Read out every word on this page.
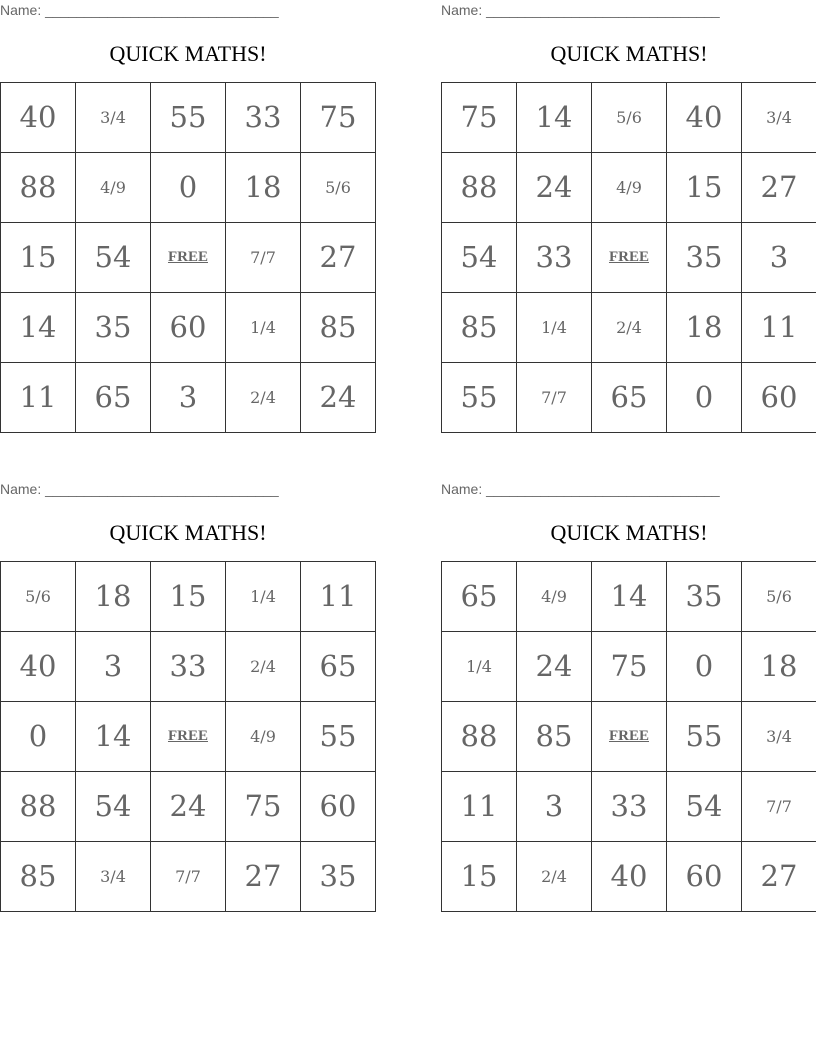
Name: ______________________________
QUICK MATHS!
40	3/4	55	33	75
88	4/9	0	18	5/6
15	54	FREE	7/7	27
14	35	60	1/4	85
11	65	3	2/4	24
Name: ______________________________
QUICK MATHS!
75	14	5/6	40	3/4
88	24	4/9	15	27
54	33	FREE	35	3
85	1/4	2/4	18	11
55	7/7	65	0	60
Name: ______________________________
QUICK MATHS!
5/6	18	15	1/4	11
40	3	33	2/4	65
0	14	FREE	4/9	55
88	54	24	75	60
85	3/4	7/7	27	35
Name: ______________________________
QUICK MATHS!
65	4/9	14	35	5/6
1/4	24	75	0	18
88	85	FREE	55	3/4
11	3	33	54	7/7
15	2/4	40	60	27
